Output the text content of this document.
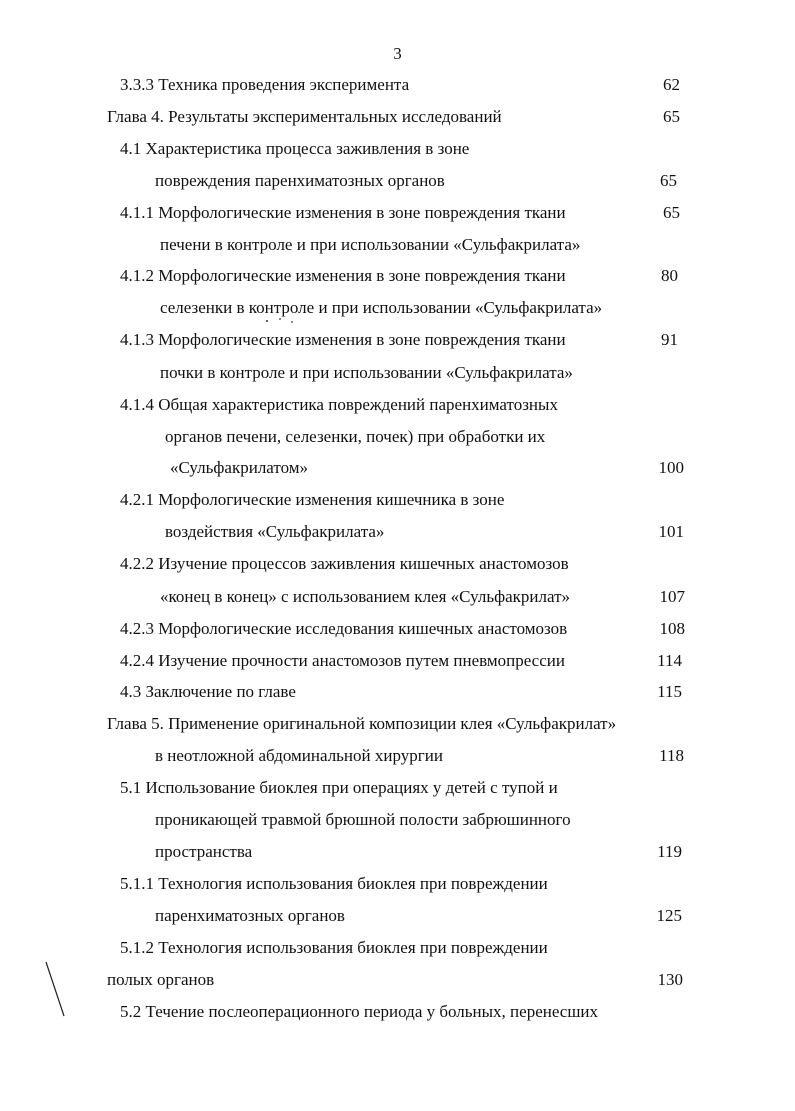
3
3.3.3 Техника проведения эксперимента	62
Глава 4. Результаты экспериментальных исследований	65
4.1 Характеристика процесса заживления в зоне
повреждения паренхиматозных органов	65
4.1.1 Морфологические изменения в зоне повреждения ткани	65
печени в контроле и при использовании «Сульфакрилата»
4.1.2 Морфологические изменения в зоне повреждения ткани	80
селезенки в контроле и при использовании «Сульфакрилата»
4.1.3 Морфологические изменения в зоне повреждения ткани	91
почки в контроле и при использовании «Сульфакрилата»
4.1.4 Общая характеристика повреждений паренхиматозных
органов печени, селезенки, почек) при обработки их
«Сульфакрилатом»	100
4.2.1 Морфологические изменения кишечника в зоне
воздействия «Сульфакрилата»	101
4.2.2 Изучение процессов заживления кишечных анастомозов
«конец в конец» с использованием клея «Сульфакрилат»	107
4.2.3 Морфологические исследования кишечных анастомозов	108
4.2.4 Изучение прочности анастомозов путем пневмопрессии	114
4.3 Заключение по главе	115
Глава 5. Применение оригинальной композиции клея «Сульфакрилат»
в неотложной абдоминальной хирургии	118
5.1 Использование биоклея при операциях у детей с тупой и
проникающей травмой брюшной полости забрюшинного
пространства	119
5.1.1 Технология использования биоклея при повреждении
паренхиматозных органов	125
5.1.2 Технология использования биоклея при повреждении
полых органов	130
5.2 Течение послеоперационного периода у больных, перенесших
